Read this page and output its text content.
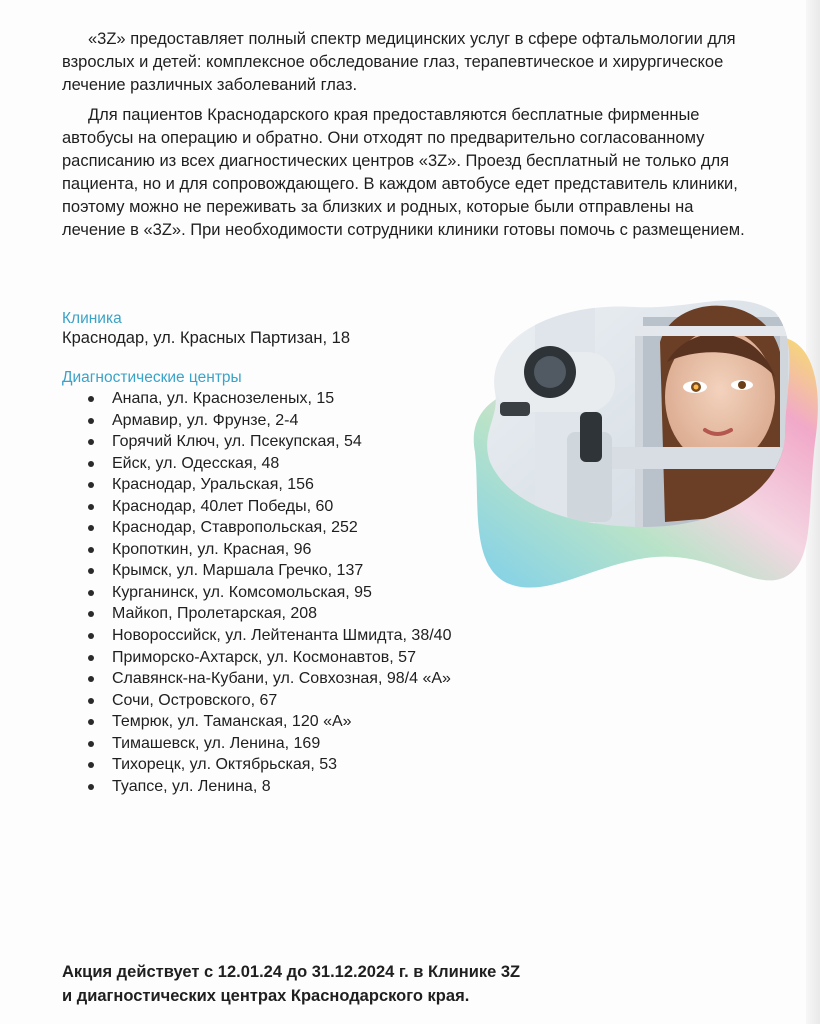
«3Z» предоставляет полный спектр медицинских услуг в сфере офтальмологии для взрослых и детей: комплексное обследование глаз, терапевтическое и хирургическое лечение различных заболеваний глаз.

Для пациентов Краснодарского края предоставляются бесплатные фирменные автобусы на операцию и обратно. Они отходят по предварительно согласованному расписанию из всех диагностических центров «3Z». Проезд бесплатный не только для пациента, но и для сопровождающего. В каждом автобусе едет представитель клиники, поэтому можно не переживать за близких и родных, которые были отправлены на лечение в «3Z». При необходимости сотрудники клиники готовы помочь с размещением.

Клиника

Краснодар, ул. Красных Партизан, 18

Диагностические центры

Анапа, ул. Краснозеленых, 15
Армавир, ул. Фрунзе, 2-4
Горячий Ключ, ул. Псекупская, 54
Ейск, ул. Одесская, 48
Краснодар, Уральская, 156
Краснодар, 40лет Победы, 60
Краснодар, Ставропольская, 252
Кропоткин, ул. Красная, 96
Крымск, ул. Маршала Гречко, 137
Курганинск, ул. Комсомольская, 95
Майкоп, Пролетарская, 208
Новороссийск, ул. Лейтенанта Шмидта, 38/40
Приморско-Ахтарск, ул. Космонавтов, 57
Славянск-на-Кубани, ул. Совхозная, 98/4 «А»
Сочи, Островского, 67
Темрюк, ул. Таманская, 120 «А»
Тимашевск, ул. Ленина, 169
Тихорецк, ул. Октябрьская, 53
Туапсе, ул. Ленина, 8

Акция действует с 12.01.24 до 31.12.2024 г. в Клинике 3Z
и диагностических центрах Краснодарского края.
